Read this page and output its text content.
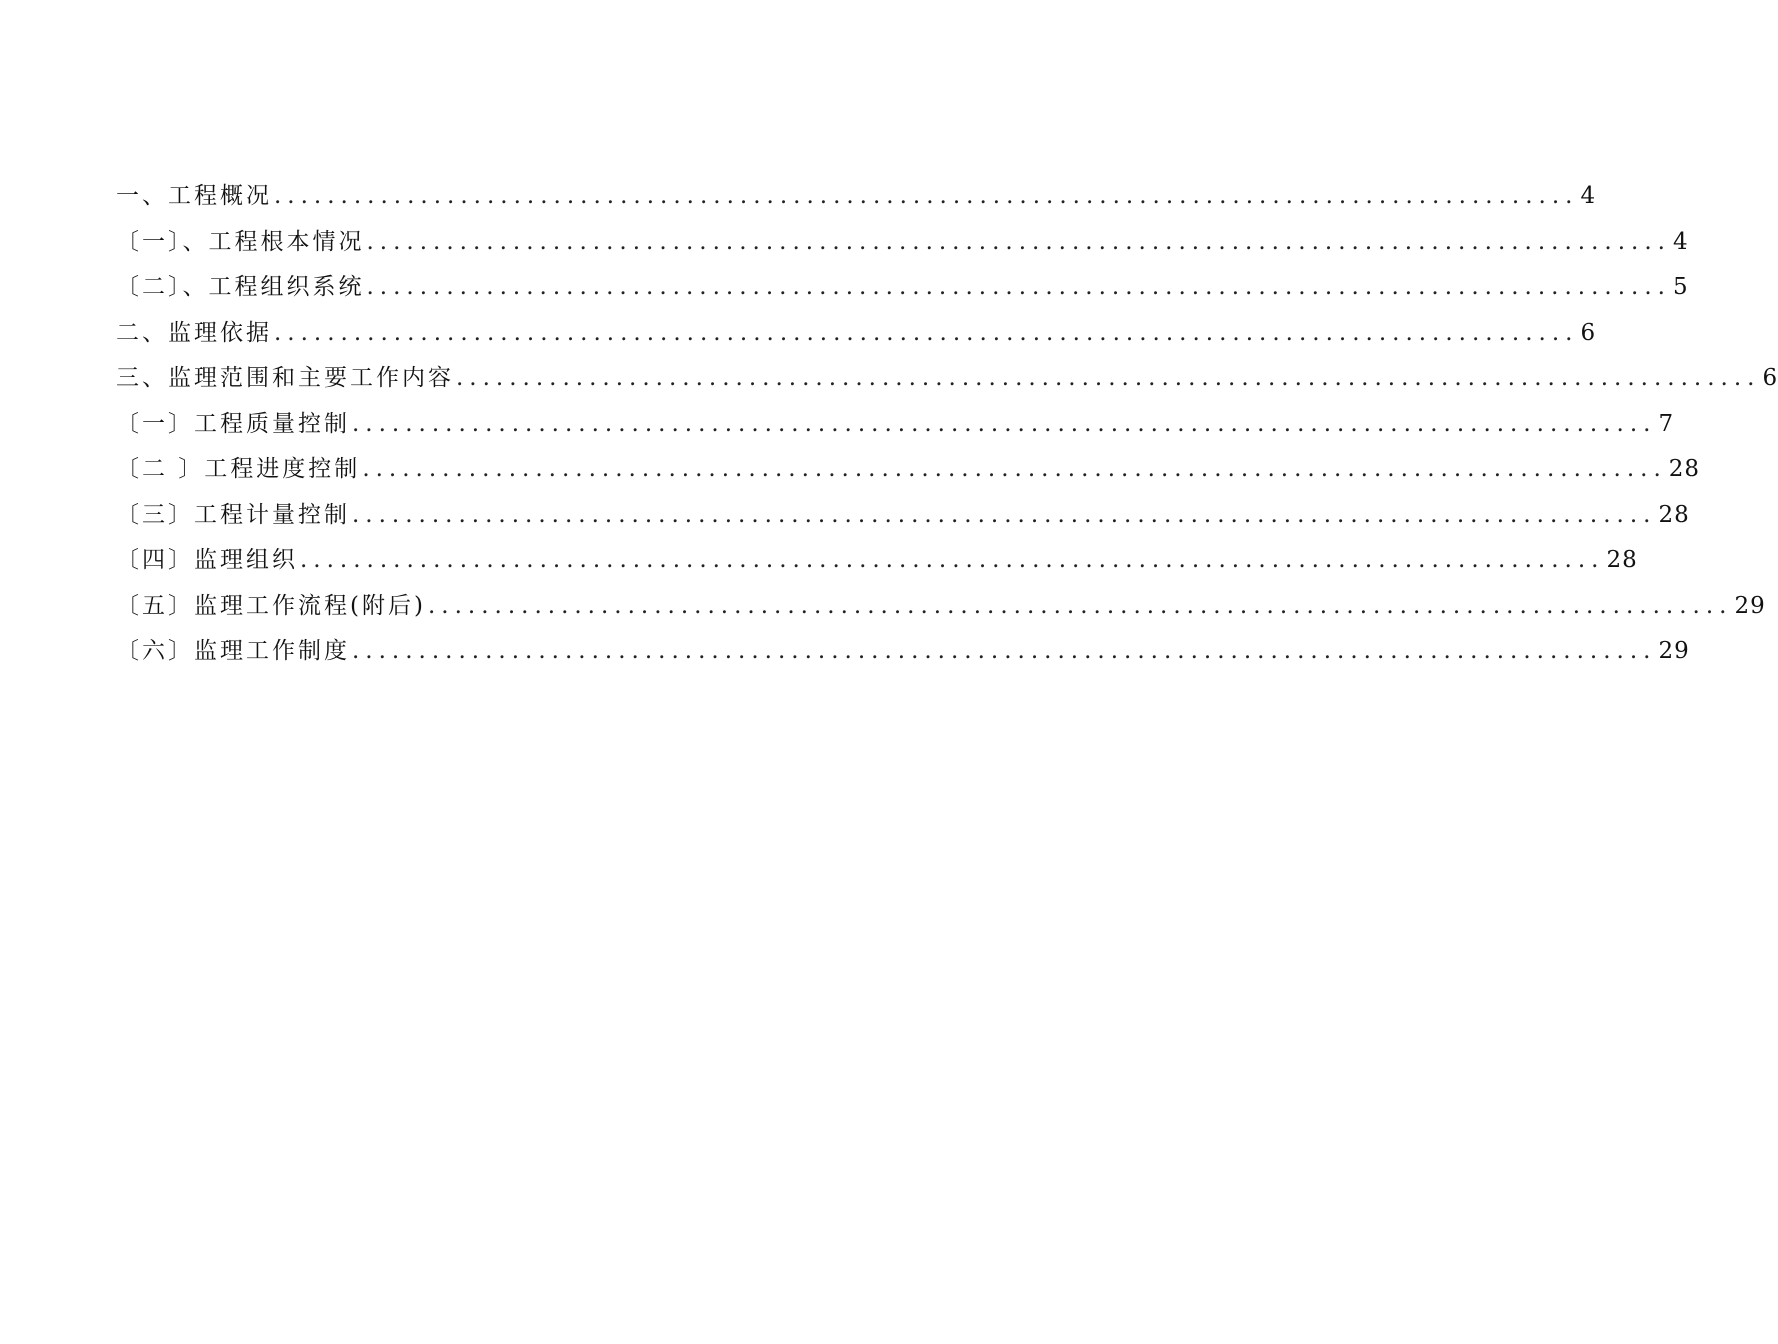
一、工程概况 .................................................................................................. 4
〔一〕、工程根本情况 .................................................................................................. 4
〔二〕、工程组织系统 .................................................................................................. 5
二、监理依据 .................................................................................................. 6
三、监理范围和主要工作内容 .................................................................................................. 6
〔一〕工程质量控制 .................................................................................................. 7
〔二 〕工程进度控制 .................................................................................................. 28
〔三〕工程计量控制 .................................................................................................. 28
〔四〕监理组织 .................................................................................................. 28
〔五〕监理工作流程(附后) .................................................................................................. 29
〔六〕监理工作制度 .................................................................................................. 29
